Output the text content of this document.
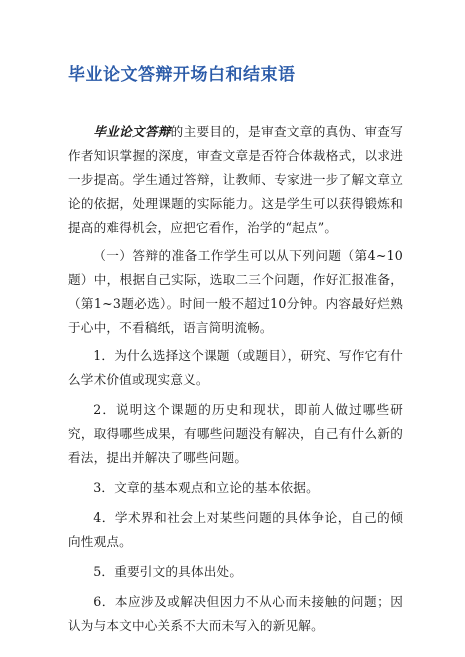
毕业论文答辩开场白和结束语

毕业论文答辩的主要目的，是审查文章的真伪、审查写作者知识掌握的深度，审查文章是否符合体裁格式，以求进一步提高。学生通过答辩，让教师、专家进一步了解文章立论的依据，处理课题的实际能力。这是学生可以获得锻炼和提高的难得机会，应把它看作，治学的“起点”。

（一）答辩的准备工作学生可以从下列问题（第4~10题）中，根据自己实际，选取二三个问题，作好汇报准备，（第1~3题必选）。时间一般不超过10分钟。内容最好烂熟于心中，不看稿纸，语言简明流畅。

1．为什么选择这个课题（或题目），研究、写作它有什么学术价值或现实意义。

2．说明这个课题的历史和现状，即前人做过哪些研究，取得哪些成果，有哪些问题没有解决，自己有什么新的看法，提出并解决了哪些问题。

3．文章的基本观点和立论的基本依据。

4．学术界和社会上对某些问题的具体争论，自己的倾向性观点。

5．重要引文的具体出处。

6．本应涉及或解决但因力不从心而未接触的问题；因认为与本文中心关系不大而未写入的新见解。
